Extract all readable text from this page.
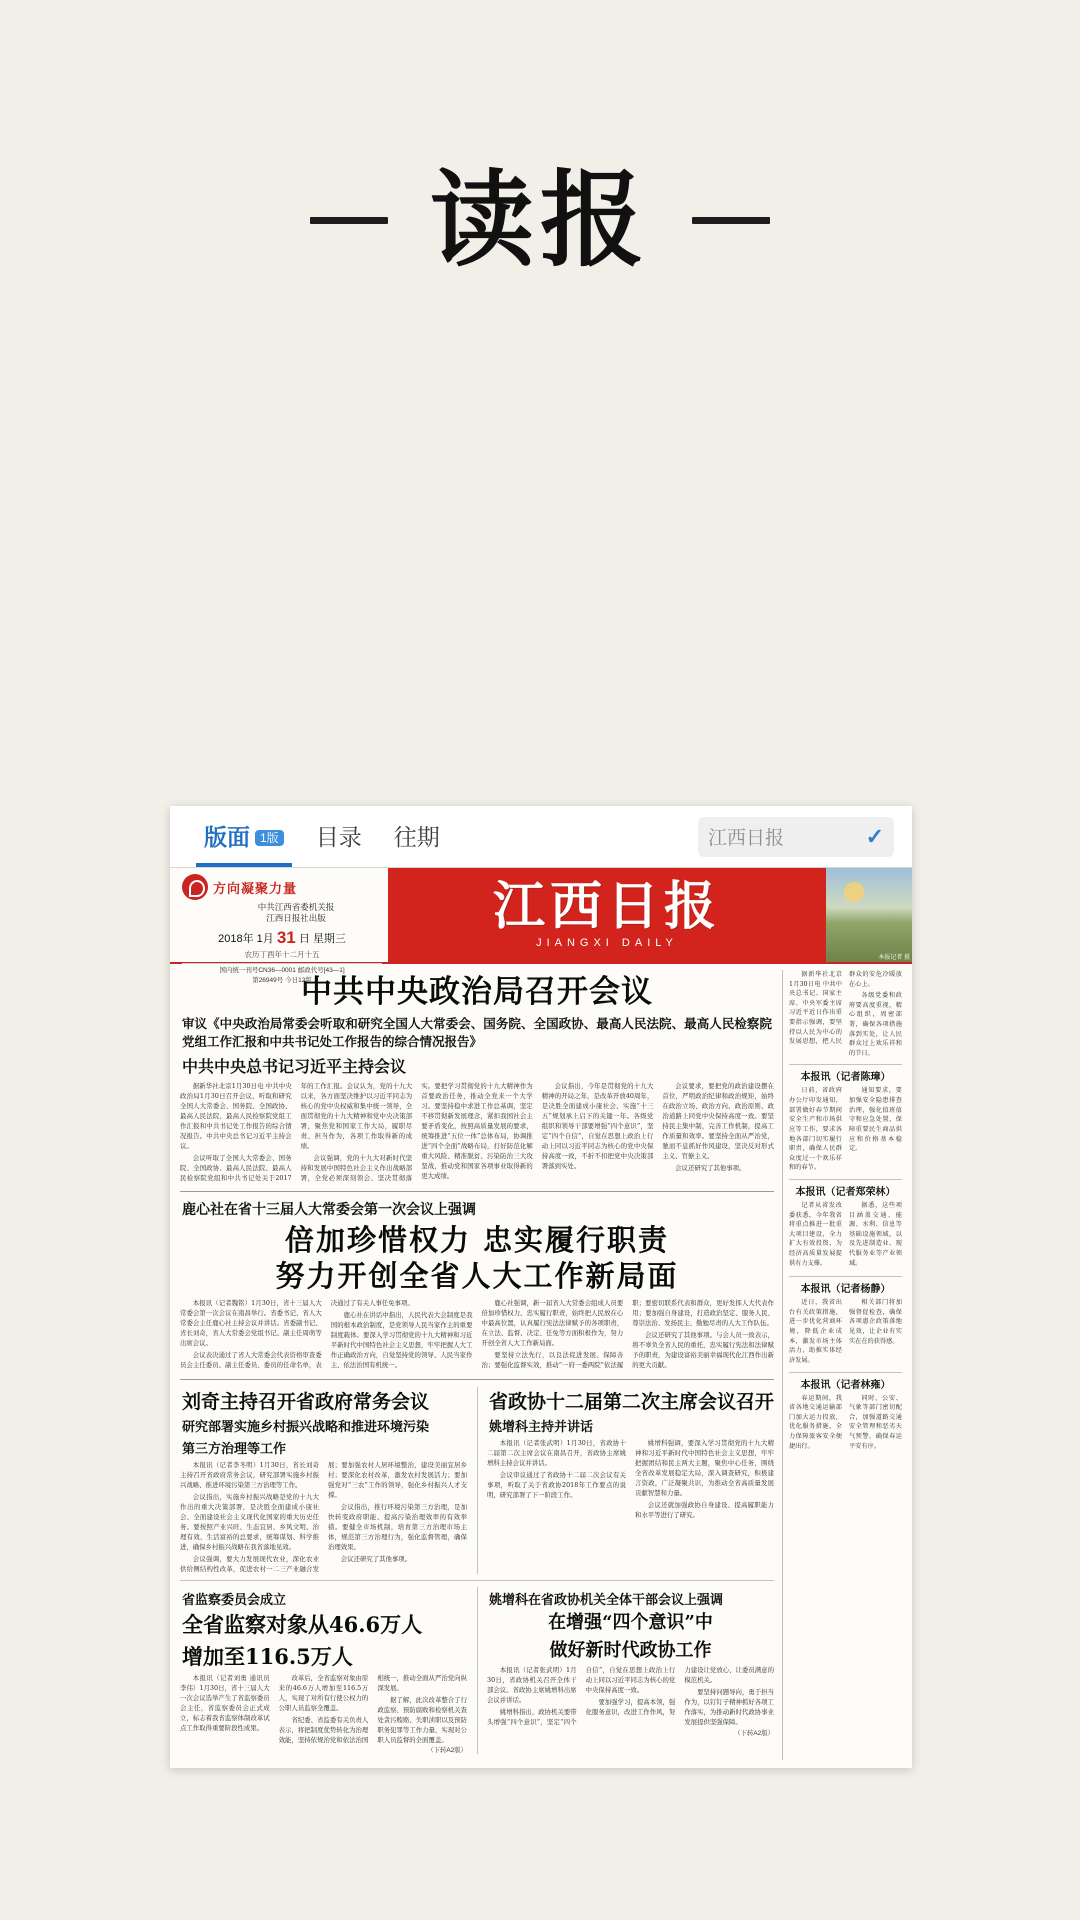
读报
版面 1版	目录	往期	江西日报	✓
方向凝聚力量
中共江西省委机关报
江西日报社出版
2018年 1月 31 日 星期三
农历丁酉年十二月十五
国内统一刊号CN36—0001 邮政代号[43—1]
第26949号 今日12版
江西日报
JIANGXI DAILY
本报记者 摄
中共中央政治局召开会议
审议《中央政治局常委会听取和研究全国人大常委会、国务院、全国政协、最高人民法院、最高人民检察院党组工作汇报和中共书记处工作报告的综合情况报告》
中共中央总书记习近平主持会议

据新华社北京1月30日电 中共中央政治局1月30日召开会议，听取和研究全国人大常委会、国务院、全国政协、最高人民法院、最高人民检察院党组工作汇报和中共书记处工作报告的综合情况报告。中共中央总书记习近平主持会议。

会议听取了全国人大常委会、国务院、全国政协、最高人民法院、最高人民检察院党组和中共书记处关于2017年的工作汇报。会议认为，党的十九大以来，各方面坚决维护以习近平同志为核心的党中央权威和集中统一领导，全面贯彻党的十九大精神和党中央决策部署，聚焦党和国家工作大局，履职尽责、担当作为，各项工作取得新的成绩。

会议强调，党的十九大对新时代坚持和发展中国特色社会主义作出战略部署，全党必须深刻领会、坚决贯彻落实。要把学习贯彻党的十九大精神作为首要政治任务，推动全党来一个大学习。要坚持稳中求进工作总基调，坚定不移贯彻新发展理念，紧扣我国社会主要矛盾变化，按照高质量发展的要求，统筹推进“五位一体”总体布局，协调推进“四个全面”战略布局，打好防范化解重大风险、精准脱贫、污染防治三大攻坚战，推动党和国家各项事业取得新的更大成绩。

会议指出，今年是贯彻党的十九大精神的开局之年，是改革开放40周年，是决胜全面建成小康社会、实施“十三五”规划承上启下的关键一年。各级党组织和领导干部要增强“四个意识”，坚定“四个自信”，自觉在思想上政治上行动上同以习近平同志为核心的党中央保持高度一致，不折不扣把党中央决策部署落到实处。

会议要求，要把党的政治建设摆在首位，严明政治纪律和政治规矩，始终在政治立场、政治方向、政治原则、政治道路上同党中央保持高度一致。要坚持民主集中制，完善工作机制，提高工作质量和效率。要坚持全面从严治党，驰而不息抓好作风建设，坚决反对形式主义、官僚主义。

会议还研究了其他事项。

鹿心社在省十三届人大常委会第一次会议上强调
倍加珍惜权力 忠实履行职责
努力开创全省人大工作新局面

本报讯（记者魏铭）1月30日，省十三届人大常委会第一次会议在南昌举行。省委书记、省人大常委会主任鹿心社主持会议并讲话。省委副书记、省长刘奇，省人大常委会党组书记、副主任周萌等出席会议。

会议表决通过了省人大常委会代表资格审查委员会主任委员、副主任委员、委员的任命名单，表决通过了有关人事任免事项。

鹿心社在讲话中指出，人民代表大会制度是我国的根本政治制度，是党领导人民当家作主的重要制度载体。要深入学习贯彻党的十九大精神和习近平新时代中国特色社会主义思想，牢牢把握人大工作正确政治方向，自觉坚持党的领导、人民当家作主、依法治国有机统一。

鹿心社强调，新一届省人大常委会组成人员要倍加珍惜权力、忠实履行职责，始终把人民放在心中最高位置，认真履行宪法法律赋予的各项职责，在立法、监督、决定、任免等方面积极作为，努力开创全省人大工作新局面。

要坚持立法先行，以良法促进发展、保障善治；要强化监督实效，推动“一府一委两院”依法履职；要密切联系代表和群众，更好发挥人大代表作用；要加强自身建设，打造政治坚定、服务人民、尊崇法治、发扬民主、勤勉尽责的人大工作队伍。

会议还研究了其他事项。与会人员一致表示，将不辜负全省人民的重托，忠实履行宪法和法律赋予的职责，为建设富裕美丽幸福现代化江西作出新的更大贡献。

刘奇主持召开省政府常务会议
研究部署实施乡村振兴战略和推进环境污染
第三方治理等工作

本报讯（记者李冬明）1月30日，省长刘奇主持召开省政府常务会议，研究部署实施乡村振兴战略、推进环境污染第三方治理等工作。

会议指出，实施乡村振兴战略是党的十九大作出的重大决策部署，是决胜全面建成小康社会、全面建设社会主义现代化国家的重大历史任务。要按照产业兴旺、生态宜居、乡风文明、治理有效、生活富裕的总要求，统筹谋划、科学推进，确保乡村振兴战略在我省落地见效。

会议强调，要大力发展现代农业，深化农业供给侧结构性改革，促进农村一二三产业融合发展；要加强农村人居环境整治，建设美丽宜居乡村；要深化农村改革，激发农村发展活力；要加强党对“三农”工作的领导，强化乡村振兴人才支撑。

会议指出，推行环境污染第三方治理，是加快转变政府职能、提高污染治理效率的有效举措。要健全市场机制，培育第三方治理市场主体，规范第三方治理行为，强化监督管理，确保治理效果。

会议还研究了其他事项。

省政协十二届第二次主席会议召开
姚增科主持并讲话

本报讯（记者张武明）1月30日，省政协十二届第二次主席会议在南昌召开，省政协主席姚增科主持会议并讲话。

会议审议通过了省政协十二届二次会议有关事项，听取了关于省政协2018年工作要点的说明，研究部署了下一阶段工作。

姚增科强调，要深入学习贯彻党的十九大精神和习近平新时代中国特色社会主义思想，牢牢把握团结和民主两大主题，聚焦中心任务，围绕全省改革发展稳定大局，深入调查研究，积极建言资政，广泛凝聚共识，为推动全省高质量发展贡献智慧和力量。

会议还就加强政协自身建设、提高履职能力和水平等进行了研究。

省监察委员会成立
全省监察对象从46.6万人
增加至116.5万人

本报讯（记者刘勇 通讯员李伟）1月30日，省十三届人大一次会议选举产生了省监察委员会主任，省监察委员会正式成立，标志着我省监察体制改革试点工作取得重要阶段性成果。

改革后，全省监察对象由原来的46.6万人增加至116.5万人，实现了对所有行使公权力的公职人员监察全覆盖。

省纪委、省监委有关负责人表示，将把制度优势转化为治理效能，坚持依规治党和依法治国相统一，推动全面从严治党向纵深发展。

据了解，此次改革整合了行政监察、预防腐败和检察机关查处贪污贿赂、失职渎职以及预防职务犯罪等工作力量，实现对公职人员监督的全面覆盖。

（下转A2版）
姚增科在省政协机关全体干部会议上强调
在增强“四个意识”中
做好新时代政协工作

本报讯（记者张武明）1月30日，省政协机关召开全体干部会议。省政协主席姚增科出席会议并讲话。

姚增科指出，政协机关要带头增强“四个意识”，坚定“四个自信”，自觉在思想上政治上行动上同以习近平同志为核心的党中央保持高度一致。

要加强学习，提高本领，强化服务意识，改进工作作风，努力建设让党放心、让委员满意的模范机关。

要坚持问题导向，勇于担当作为，以钉钉子精神抓好各项工作落实，为推动新时代政协事业发展提供坚强保障。

（下转A2版）

据新华社北京1月30日电 中共中央总书记、国家主席、中央军委主席习近平近日作出重要指示强调，要坚持以人民为中心的发展思想，把人民群众的安危冷暖放在心上。

各级党委和政府要高度重视，精心组织，周密部署，确保各项措施落到实处，让人民群众过上欢乐祥和的节日。

本报讯（记者陈璋）

日前，省政府办公厅印发通知，部署做好春节期间安全生产和市场供应等工作，要求各地各部门切实履行职责，确保人民群众度过一个欢乐祥和的春节。

通知要求，要加强安全隐患排查治理，强化值班值守和应急处置，保障重要民生商品供应和价格基本稳定。

本报讯（记者郑荣林）

记者从省发改委获悉，今年我省将重点推进一批重大项目建设，全力扩大有效投资，为经济高质量发展提供有力支撑。

据悉，这些项目涵盖交通、能源、水利、信息等基础设施领域，以及先进制造业、现代服务业等产业领域。

本报讯（记者杨静）

近日，我省出台有关政策措施，进一步优化营商环境，降低企业成本，激发市场主体活力，助推实体经济发展。

相关部门将加强督促检查，确保各项惠企政策落地见效，让企业有实实在在的获得感。

本报讯（记者林雍）

春运期间，我省各地交通运输部门加大运力投放，优化服务措施，全力保障旅客安全便捷出行。

同时，公安、气象等部门密切配合，加强道路交通安全管理和恶劣天气预警，确保春运平安有序。
